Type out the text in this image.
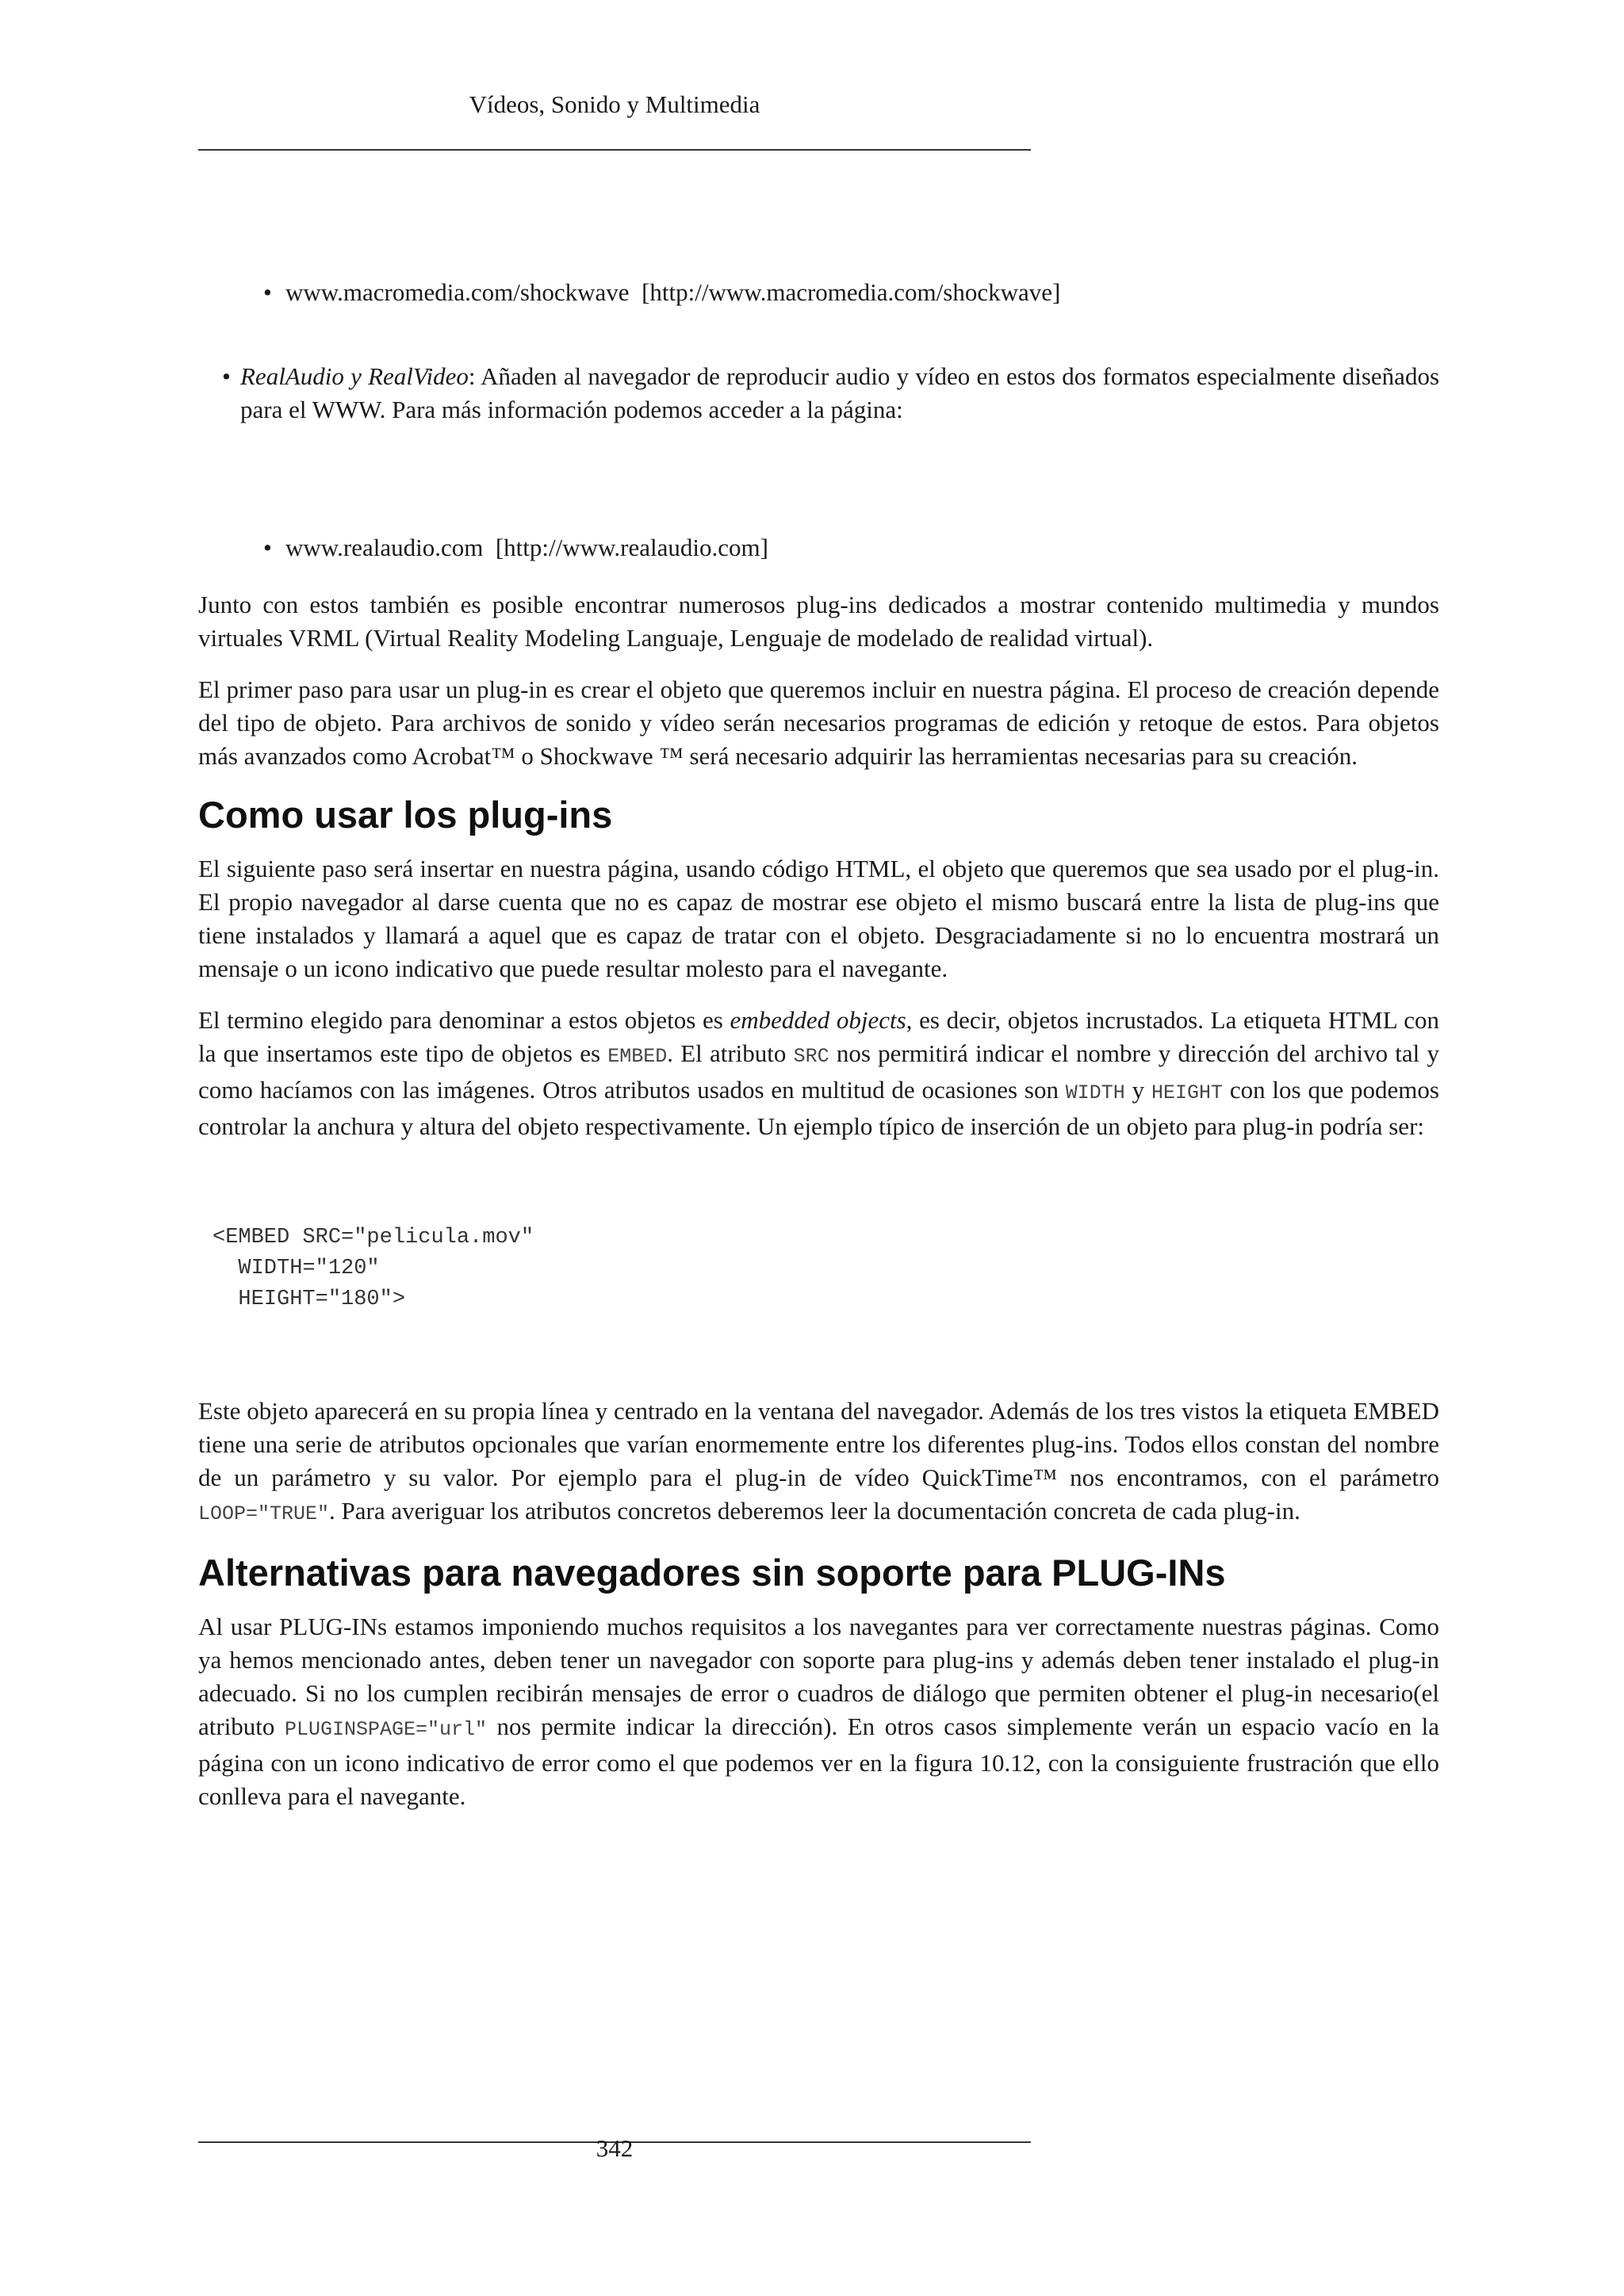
Vídeos, Sonido y Multimedia

• www.macromedia.com/shockwave [http://www.macromedia.com/shockwave]

• RealAudio y RealVideo: Añaden al navegador de reproducir audio y vídeo en estos dos formatos especialmente diseñados para el WWW. Para más información podemos acceder a la página:

• www.realaudio.com [http://www.realaudio.com]

Junto con estos también es posible encontrar numerosos plug-ins dedicados a mostrar contenido multimedia y mundos virtuales VRML (Virtual Reality Modeling Languaje, Lenguaje de modelado de realidad virtual).

El primer paso para usar un plug-in es crear el objeto que queremos incluir en nuestra página. El proceso de creación depende del tipo de objeto. Para archivos de sonido y vídeo serán necesarios programas de edición y retoque de estos. Para objetos más avanzados como Acrobat™ o Shockwave ™ será necesario adquirir las herramientas necesarias para su creación.

Como usar los plug-ins

El siguiente paso será insertar en nuestra página, usando código HTML, el objeto que queremos que sea usado por el plug-in. El propio navegador al darse cuenta que no es capaz de mostrar ese objeto el mismo buscará entre la lista de plug-ins que tiene instalados y llamará a aquel que es capaz de tratar con el objeto. Desgraciadamente si no lo encuentra mostrará un mensaje o un icono indicativo que puede resultar molesto para el navegante.

El termino elegido para denominar a estos objetos es embedded objects, es decir, objetos incrustados. La etiqueta HTML con la que insertamos este tipo de objetos es EMBED. El atributo SRC nos permitirá indicar el nombre y dirección del archivo tal y como hacíamos con las imágenes. Otros atributos usados en multitud de ocasiones son WIDTH y HEIGHT con los que podemos controlar la anchura y altura del objeto respectivamente. Un ejemplo típico de inserción de un objeto para plug-in podría ser:

<EMBED SRC="pelicula.mov"
WIDTH="120"
HEIGHT="180">

Este objeto aparecerá en su propia línea y centrado en la ventana del navegador. Además de los tres vistos la etiqueta EMBED tiene una serie de atributos opcionales que varían enormemente entre los diferentes plug-ins. Todos ellos constan del nombre de un parámetro y su valor. Por ejemplo para el plug-in de vídeo QuickTime™ nos encontramos, con el parámetro LOOP="TRUE". Para averiguar los atributos concretos deberemos leer la documentación concreta de cada plug-in.

Alternativas para navegadores sin soporte para PLUG-INs

Al usar PLUG-INs estamos imponiendo muchos requisitos a los navegantes para ver correctamente nuestras páginas. Como ya hemos mencionado antes, deben tener un navegador con soporte para plug-ins y además deben tener instalado el plug-in adecuado. Si no los cumplen recibirán mensajes de error o cuadros de diálogo que permiten obtener el plug-in necesario(el atributo PLUGINSPAGE="url" nos permite indicar la dirección). En otros casos simplemente verán un espacio vacío en la página con un icono indicativo de error como el que podemos ver en la figura 10.12, con la consiguiente frustración que ello conlleva para el navegante.

342
